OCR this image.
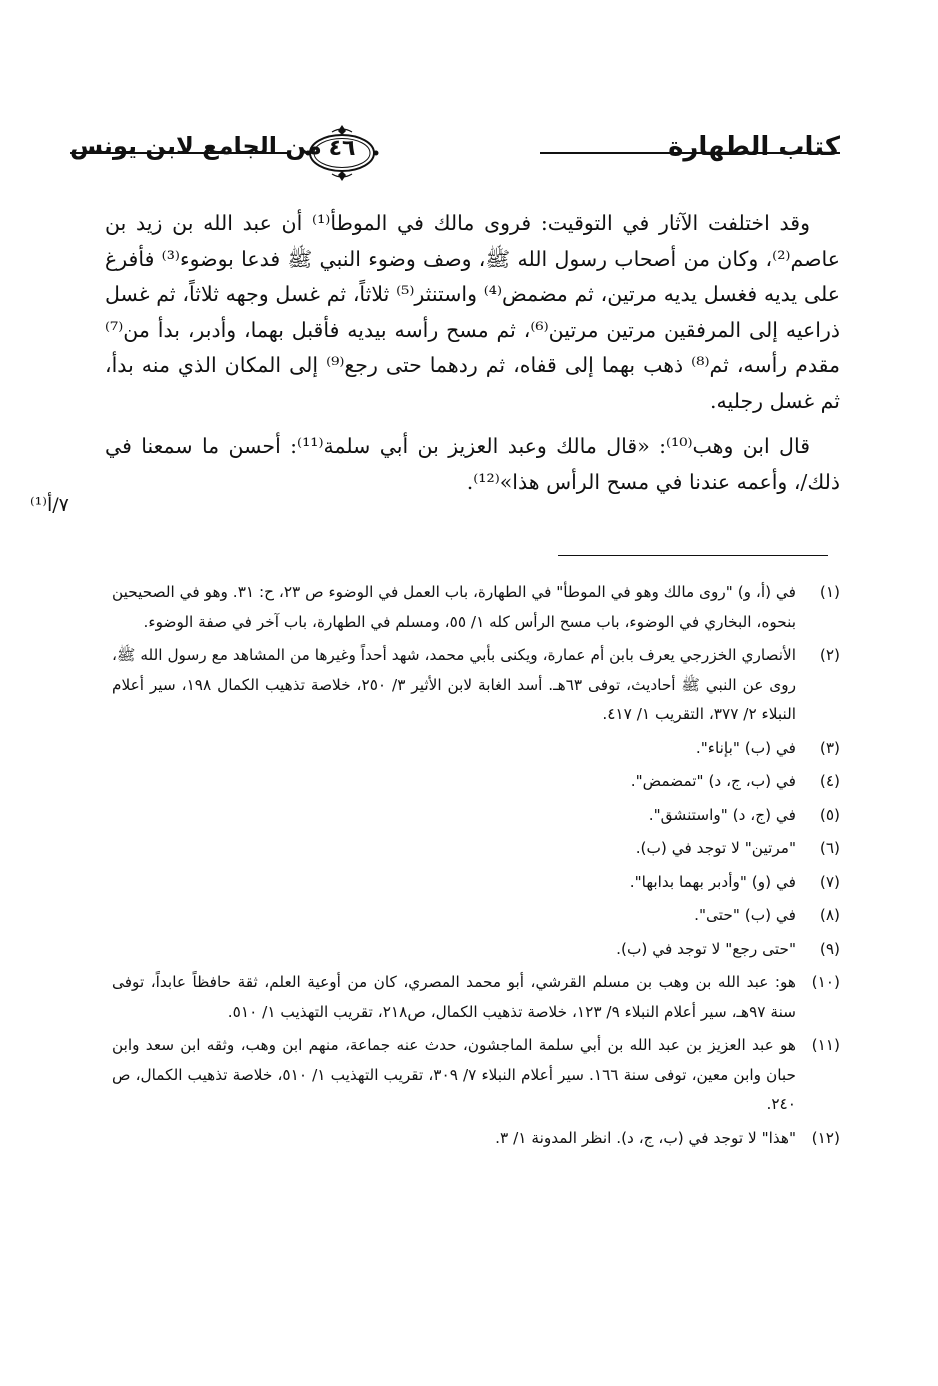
كتاب الطهارة
٤٦
من الجامع لابن يونس

وقد اختلفت الآثار في التوقيت: فروى مالك في الموطأ⁽¹⁾ أن عبد الله بن زيد بن عاصم⁽²⁾، وكان من أصحاب رسول الله ﷺ، وصف وضوء النبي ﷺ فدعا بوضوء⁽³⁾ فأفرغ على يديه فغسل يديه مرتين، ثم مضمض⁽⁴⁾ واستنثر⁽⁵⁾ ثلاثاً، ثم غسل وجهه ثلاثاً، ثم غسل ذراعيه إلى المرفقين مرتين مرتين⁽⁶⁾، ثم مسح رأسه بيديه فأقبل بهما، وأدبر، بدأ من⁽⁷⁾ مقدم رأسه، ثم⁽⁸⁾ ذهب بهما إلى قفاه، ثم ردهما حتى رجع⁽⁹⁾ إلى المكان الذي منه بدأ، ثم غسل رجليه.

قال ابن وهب⁽¹⁰⁾: «قال مالك وعبد العزيز بن أبي سلمة⁽¹¹⁾: أحسن ما سمعنا في ذلك/، وأعمه عندنا في مسح الرأس هذا»⁽¹²⁾.

٧/أ⁽¹⁾
(١)
في (أ، و) "روى مالك وهو في الموطأ" في الطهارة، باب العمل في الوضوء ص ٢٣، ح: ٣١. وهو في الصحيحين بنحوه، البخاري في الوضوء، باب مسح الرأس كله ١/ ٥٥، ومسلم في الطهارة، باب آخر في صفة الوضوء.
(٢)
الأنصاري الخزرجي يعرف بابن أم عمارة، ويكنى بأبي محمد، شهد أحداً وغيرها من المشاهد مع رسول الله ﷺ، روى عن النبي ﷺ أحاديث، توفى ٦٣هـ. أسد الغابة لابن الأثير ٣/ ٢٥٠، خلاصة تذهيب الكمال ١٩٨، سير أعلام النبلاء ٢/ ٣٧٧، التقريب ١/ ٤١٧.
(٣)
في (ب) "بإناء".
(٤)
في (ب، ج، د) "تمضمض".
(٥)
في (ج، د) "واستنشق".
(٦)
"مرتين" لا توجد في (ب).
(٧)
في (و) "وأدبر بهما بدابها".
(٨)
في (ب) "حتى".
(٩)
"حتى رجع" لا توجد في (ب).
(١٠)
هو: عبد الله بن وهب بن مسلم القرشي، أبو محمد المصري، كان من أوعية العلم، ثقة حافظاً عابداً، توفى سنة ٩٧هـ، سير أعلام النبلاء ٩/ ١٢٣، خلاصة تذهيب الكمال، ص٢١٨، تقريب التهذيب ١/ ٥١٠.
(١١)
هو عبد العزيز بن عبد الله بن أبي سلمة الماجشون، حدث عنه جماعة، منهم ابن وهب، وثقه ابن سعد وابن حبان وابن معين، توفى سنة ١٦٦. سير أعلام النبلاء ٧/ ٣٠٩، تقريب التهذيب ١/ ٥١٠، خلاصة تذهيب الكمال، ص ٢٤٠.
(١٢)
"هذا" لا توجد في (ب، ج، د). انظر المدونة ١/ ٣.
